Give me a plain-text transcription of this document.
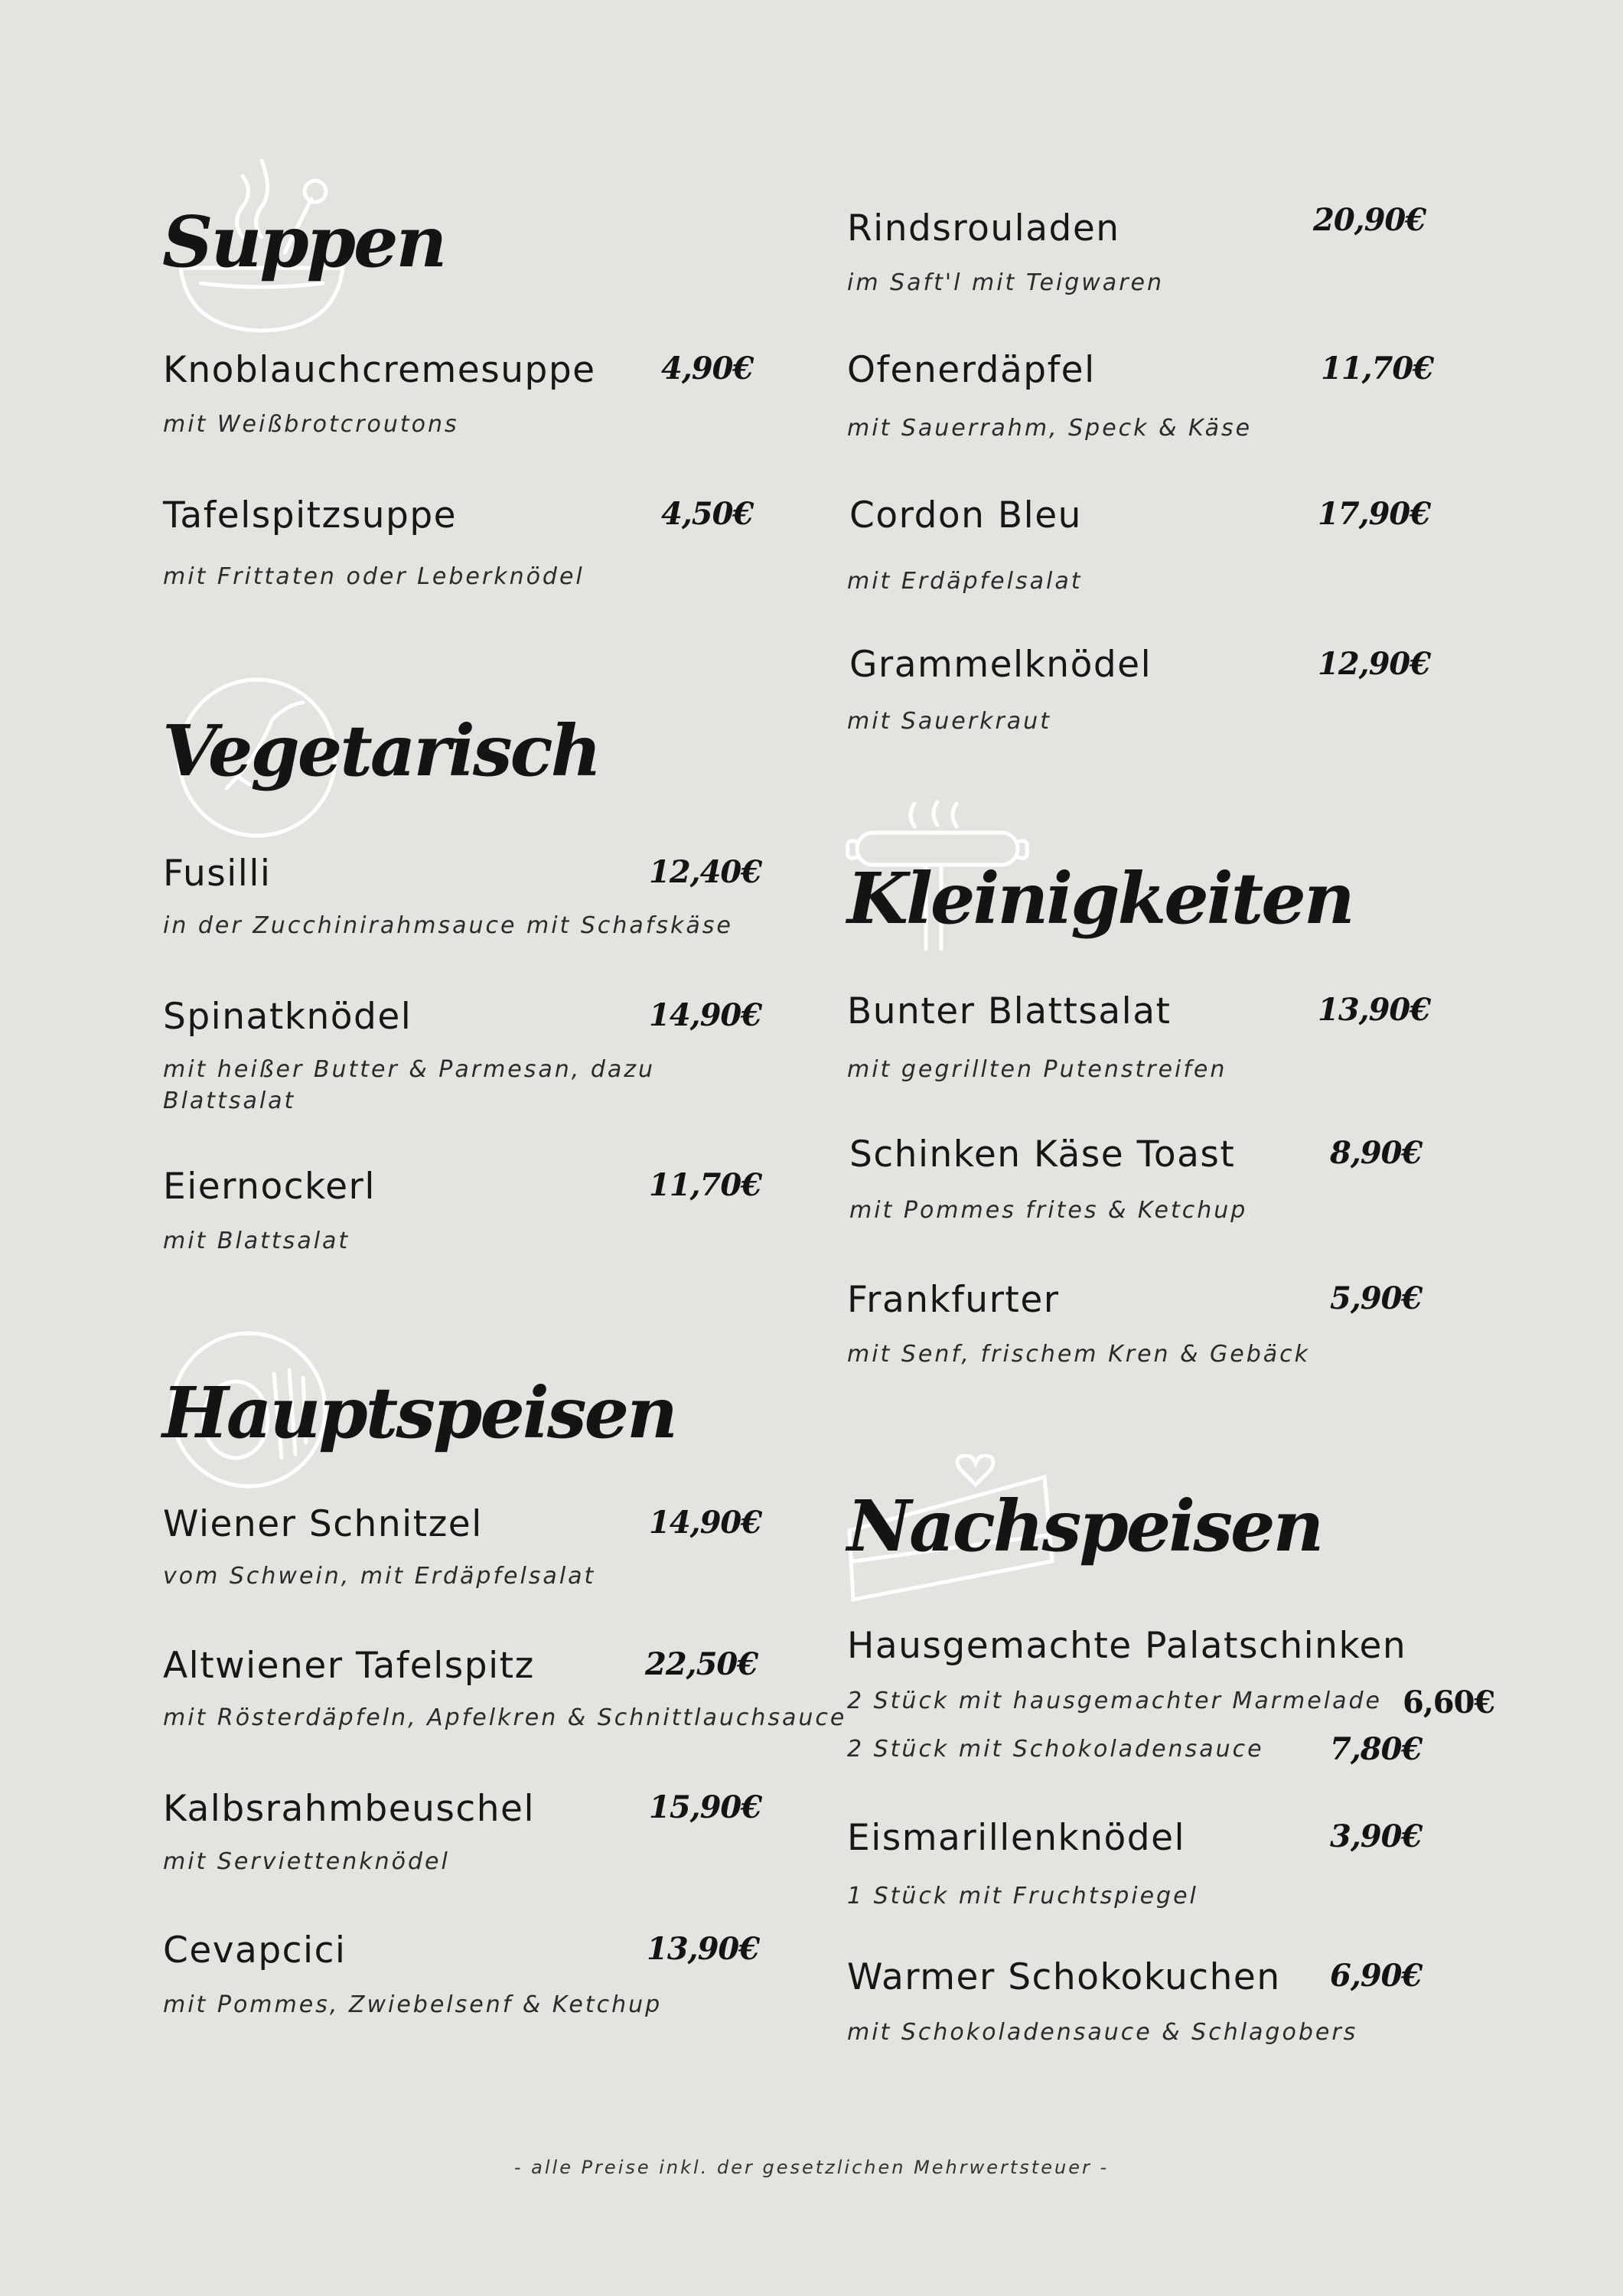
Suppen
Knoblauchcremesuppe 4,90€
mit Weißbrotcroutons
Tafelspitzsuppe	4,50€
mit Frittaten oder Leberknödel
Vegetarisch
Fusilli	12,40€
in der Zucchinirahmsauce mit Schafskäse
Spinatknödel	14,90€
mit heißer Butter & Parmesan, dazu Blattsalat
Eiernockerl	11,70€
mit Blattsalat
Hauptspeisen
Wiener Schnitzel	14,90€
vom Schwein, mit Erdäpfelsalat
Altwiener Tafelspitz	22,50€
mit Rösterdäpfeln, Apfelkren & Schnittlauchsauce
Kalbsrahmbeuschel	15,90€
mit Serviettenknödel
Cevapcici	13,90€
mit Pommes, Zwiebelsenf & Ketchup
Rindsrouladen	20,90€
im Saft'l mit Teigwaren
Ofenerdäpfel	11,70€
mit Sauerrahm, Speck & Käse
Cordon Bleu	17,90€
mit Erdäpfelsalat
Grammelknödel	12,90€
mit Sauerkraut
Kleinigkeiten
Bunter Blattsalat	13,90€
mit gegrillten Putenstreifen
Schinken Käse Toast	8,90€
mit Pommes frites & Ketchup
Frankfurter	5,90€
mit Senf, frischem Kren & Gebäck
Nachspeisen
Hausgemachte Palatschinken
2 Stück mit hausgemachter Marmelade 6,60€
2 Stück mit Schokoladensauce 7,80€
Eismarillenknödel	3,90€
1 Stück mit Fruchtspiegel
Warmer Schokokuchen 6,90€
mit Schokoladensauce & Schlagobers
- alle Preise inkl. der gesetzlichen Mehrwertsteuer -
